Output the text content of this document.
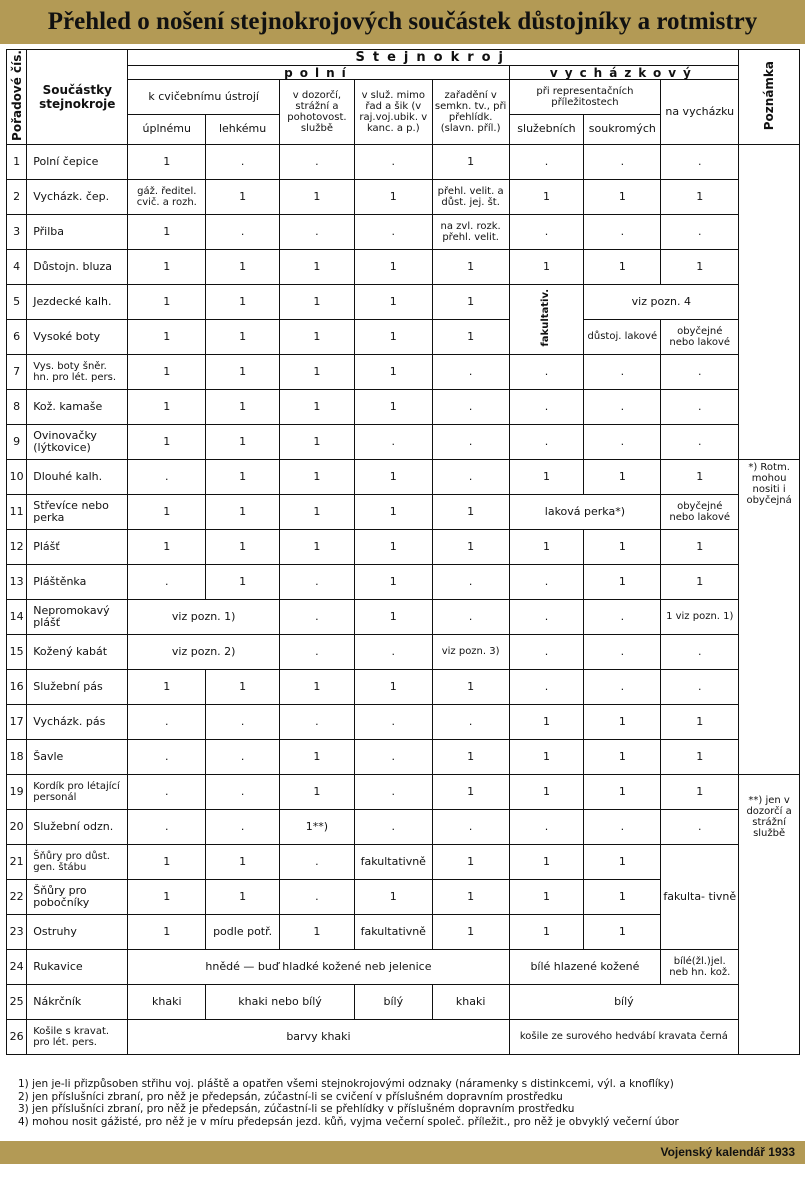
Přehled o nošení stejnokrojových součástek důstojníky a rotmistry
Pořadové čís.	Součástky stejnokroje	Stejnokroj								Poznámka
		polní					vycházkový			
		k cvičebnímu ústrojí		v dozorčí, strážní a pohotovost. službě	v služ. mimo řad a šik (v raj.voj.ubik. v kanc. a p.)	zařadění v semkn. tv., při přehlídk. (slavn. příl.)	při representačních příležitostech		na vycházku	
		úplnému	lehkému				služebních	soukromých		
1	Polní čepice	1	.	.	.	1	.	.	.	
2	Vycházk. čep.	gáž. ředitel. cvič. a rozh.	1	1	1	přehl. velit. a důst. jej. št.	1	1	1	
3	Přilba	1	.	.	.	na zvl. rozk. přehl. velit.	.	.	.	
4	Důstojn. bluza	1	1	1	1	1	1	1	1	
5	Jezdecké kalh.	1	1	1	1	1	fakultativ.	viz pozn. 4		
6	Vysoké boty	1	1	1	1	1		důstoj. lakové	obyčejné nebo lakové	
7	Vys. boty šněr. hn. pro lét. pers.	1	1	1	1	.	.	.	.	
8	Kož. kamaše	1	1	1	1	.	.	.	.	
9	Ovinovačky (lýtkovice)	1	1	1	.	.	.	.	.	
10	Dlouhé kalh.	.	1	1	1	.	1	1	1	*) Rotm. mohou nositi i obyčejná
11	Střevíce nebo perka	1	1	1	1	1	laková perka*)		obyčejné nebo lakové	
12	Plášť	1	1	1	1	1	1	1	1	
13	Pláštěnka	.	1	.	1	.	.	1	1	
14	Nepromokavý plášť	viz pozn. 1)		.	1	.	.	.	1 viz pozn. 1)	
15	Kožený kabát	viz pozn. 2)		.	.	viz pozn. 3)	.	.	.	
16	Služební pás	1	1	1	1	1	.	.	.	
17	Vycházk. pás	.	.	.	.	.	1	1	1	
18	Šavle	.	.	1	.	1	1	1	1	
19	Kordík pro létající personál	.	.	1	.	1	1	1	1	**) jen v dozorčí a strážní službě
20	Služební odzn.	.	.	1**)	.	.	.	.	.	
21	Šňůry pro důst. gen. štábu	1	1	.	fakultativně	1	1	1	fakulta- tivně	
22	Šňůry pro pobočníky	1	1	.	1	1	1	1		
23	Ostruhy	1	podle potř.	1	fakultativně	1	1	1		
24	Rukavice	hnědé — buď hladké kožené neb jelenice					bílé hlazené kožené		bílé(žl.)jel. neb hn. kož.	
25	Nákrčník	khaki	khaki nebo bílý		bílý	khaki	bílý			
26	Košile s kravat. pro lét. pers.	barvy khaki					košile ze surového hedvábí kravata černá			
1) jen je-li přizpůsoben střihu voj. pláště a opatřen všemi stejnokrojovými odznaky (náramenky s distinkcemi, výl. a knoflíky)
2) jen příslušníci zbraní, pro něž je předepsán, zúčastní-li se cvičení v příslušném dopravním prostředku
3) jen příslušníci zbraní, pro něž je předepsán, zúčastní-li se přehlídky v příslušném dopravním prostředku
4) mohou nosit gážisté, pro něž je v míru předepsán jezd. kůň, vyjma večerní společ. příležit., pro něž je obvyklý večerní úbor
Vojenský kalendář 1933
